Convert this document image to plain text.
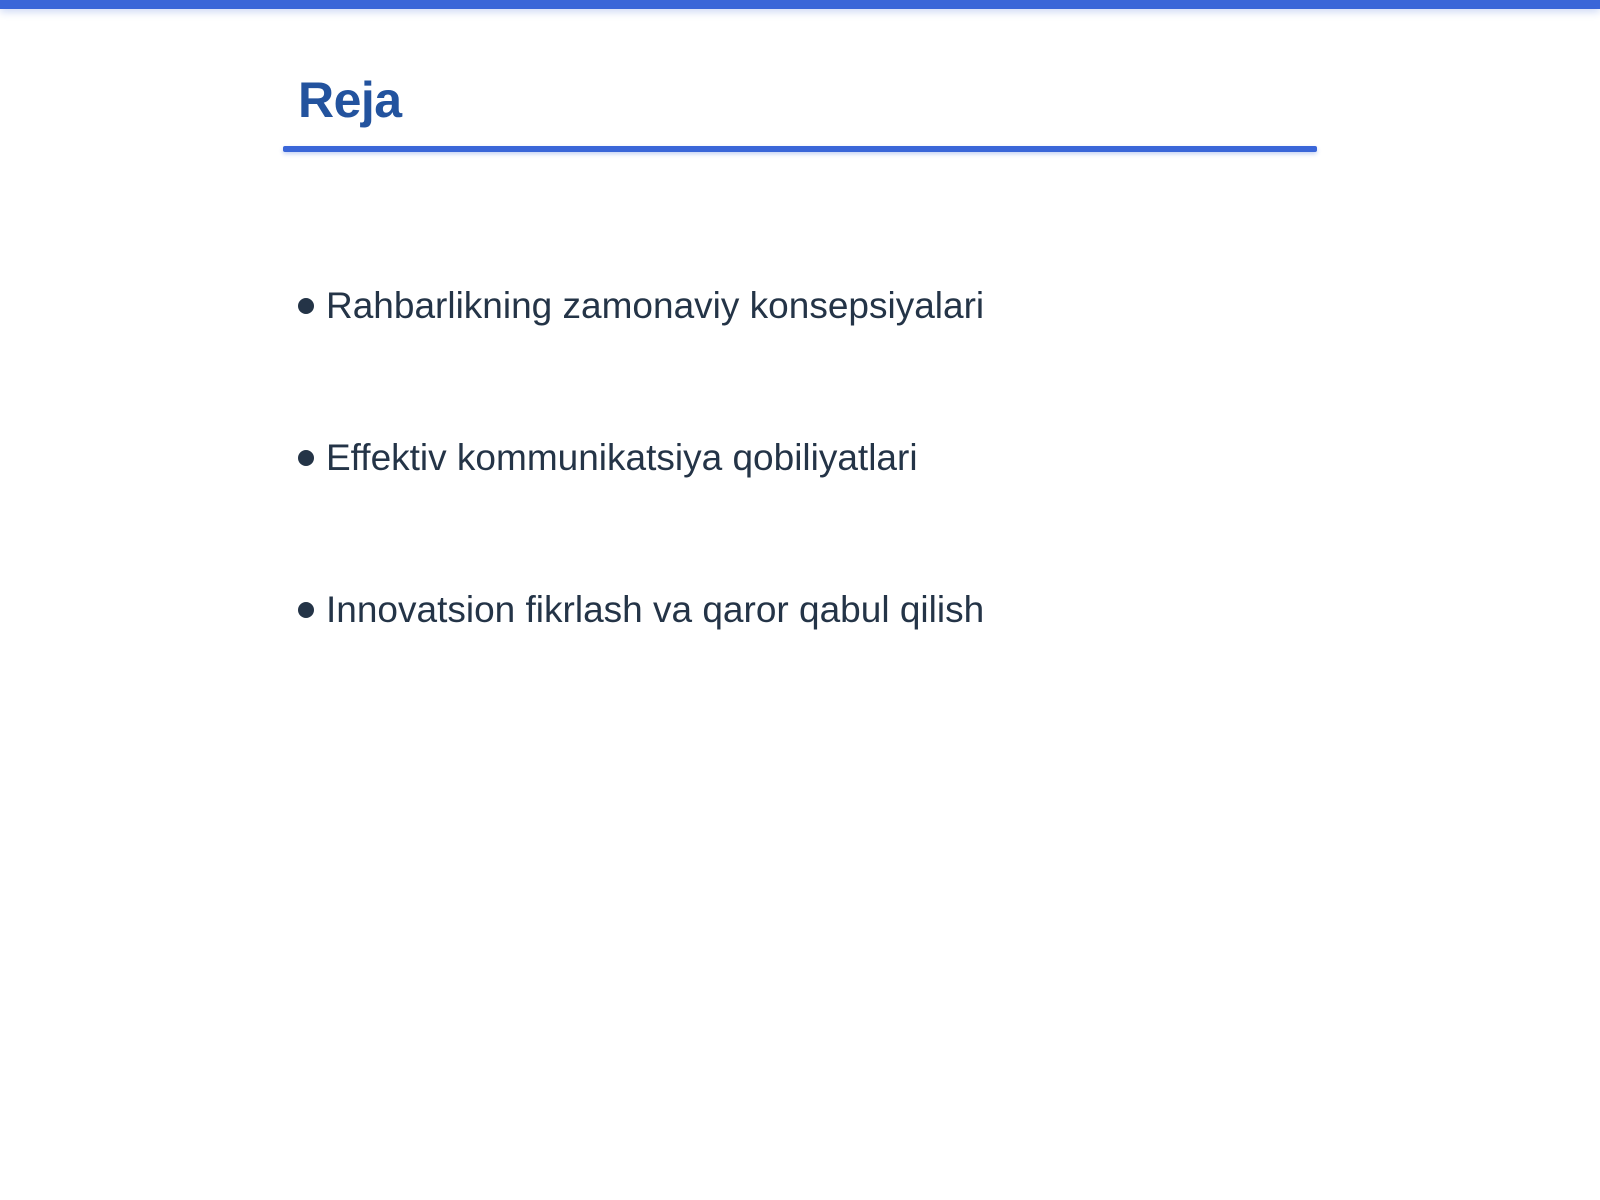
Reja
Rahbarlikning zamonaviy konsepsiyalari
Effektiv kommunikatsiya qobiliyatlari
Innovatsion fikrlash va qaror qabul qilish
